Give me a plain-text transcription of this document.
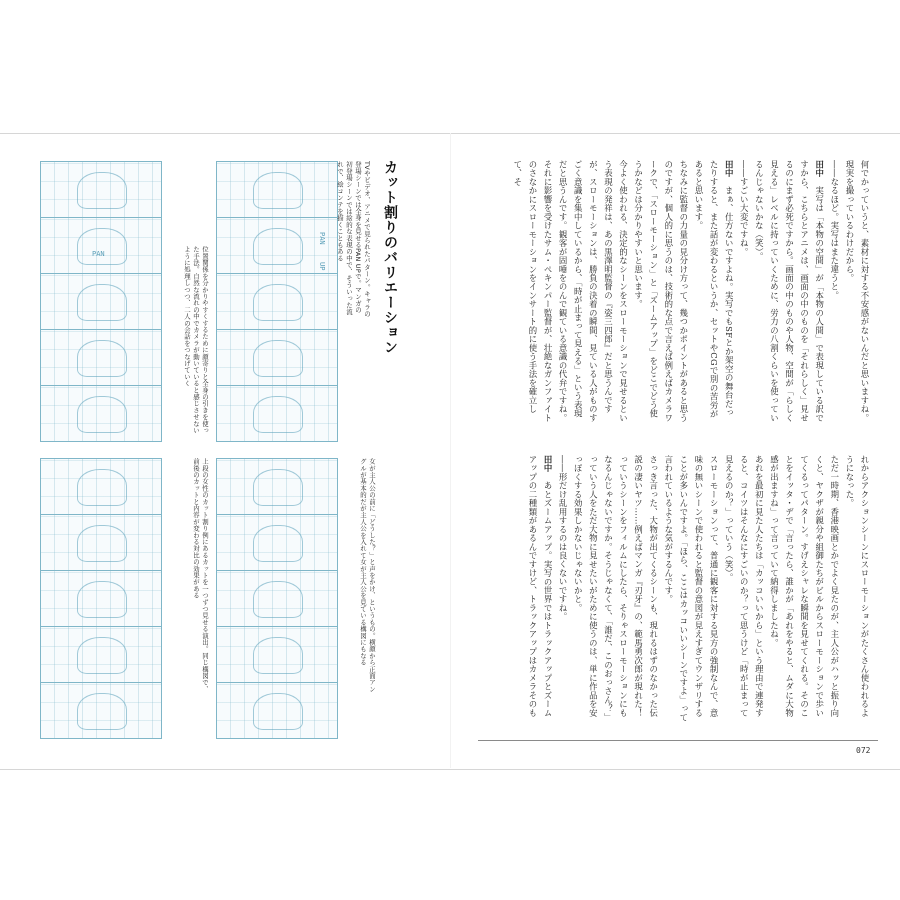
カット割りのバリエーション
PAN
UP
PAN	TVやビデオ、アニメで見られたパターン。キャラの登場シーンでは全身を見せるPAN UPで。マンガの初登場シーンでは絵的な表現の中で、そういった流れで、絵コンテを描くこともある
位置関係を分かりやすくするために顔寄りと全身の引きを使った手法。自然な流れの中でカメラが動いていると感じさせないように処理しつつ、二人の会話をつなげていく
女が主人公の前に「どうした？」と声をかけ、というもの。横顔から正面アングルが基本的だが主人公を入れて女が主人公を見ている構図にもなる
上段の女性のカット割り例にあるカットを一つずつ見せる演出。同じ構図で、前後のカットと内容が変わる対比の効果がある

何でかっていうと、素材に対する不安感がないんだと思いますね。現実を撮っているわけだから。

――なるほど。実写はまた違うと。

田中　実写は「本物の空間」が「本物の人間」で表現している訳ですから、こちらとアニメは、画面の中のものを「それらしく」見せるのにまず必死ですから。画面の中のものや人物、空間が「らしく見える」レベルに持っていくために、労力の八割くらいを使っているんじゃないかな（笑）。

――すごい大変ですね。

田中　まぁ、仕方ないですよね。実写でもSFとか架空の舞台だったりすると、また話が変わるというか、セットやCGで別の苦労があると思います。

ちなみに監督の力量の見分け方って、幾つかポイントがあると思うのですが、個人的に思うのは、技術的な点で言えば例えばカメラワークで、「スローモーション」と「ズームアップ」をどこでどう使うかなどは分かりやすいと思います。

今よく使われる、決定的なシーンをスローモーションで見せるという表現の発祥は、あの黒澤明監督の『姿三四郎』だと思うんですが、スローモーションは、勝負の決着の瞬間、見ている人がものすごく意識を集中しているから、「時が止まって見える」という表現だと思うんです。観客が固唾をのんで観ている意識の代弁ですね。

それに影響を受けたサム・ペキンパー監督が、壮絶なガンファイトのさなかにスローモーションをインサート的に使う手法を確立して、そ

れからアクションシーンにスローモーションがたくさん使われるようになった。

ただ一時期、香港映画とかでよく見たのが、主人公がハッと振り向くと、ヤクザが親分や組御たちがビルからスローモーションで歩いてくるってパターン。すげえシャレな瞬間を見せてくれる。そのことをイッタ・デで「言ったら、誰かが「あれをやると、ムダに大物感が出ますね」って言っていて納得しましたね。

あれを最初に見た人たちは「カッコいいから」という理由で連発すると、コイツはそんなにすごいのか？って思うけど「時が止まって見えるのか？」っていう（笑）。

スローモーションって、普通に観客に対する見方の強制なんで、意味の無いシーンで使われると監督の意図が見えすぎてウンザリすることが多いんですよ。「ほら、ここはカッコいいシーンですよ」って言われているような気がするんです。

さっき言った、大物が出てくるシーンも、現れるはずのなかった伝説の凄いヤツ……例えばマンガ『刃牙』の、範馬勇次郎が現れた！っていうシーンをフィルムにしたら、そりゃスローモーションにもなるんじゃないですか。そうじゃなくて、「誰だ、このおっさん？」っていう人をただ大物に見せたいがために使うのは、単に作品を安っぽくする効果しかないじゃないかと。

――形だけ乱用するのは良くないですね。

田中　あとズームアップ。実写の世界ではトラックアップとズームアップの二種類があるんですけど、トラックアップはカメラそのも

072
